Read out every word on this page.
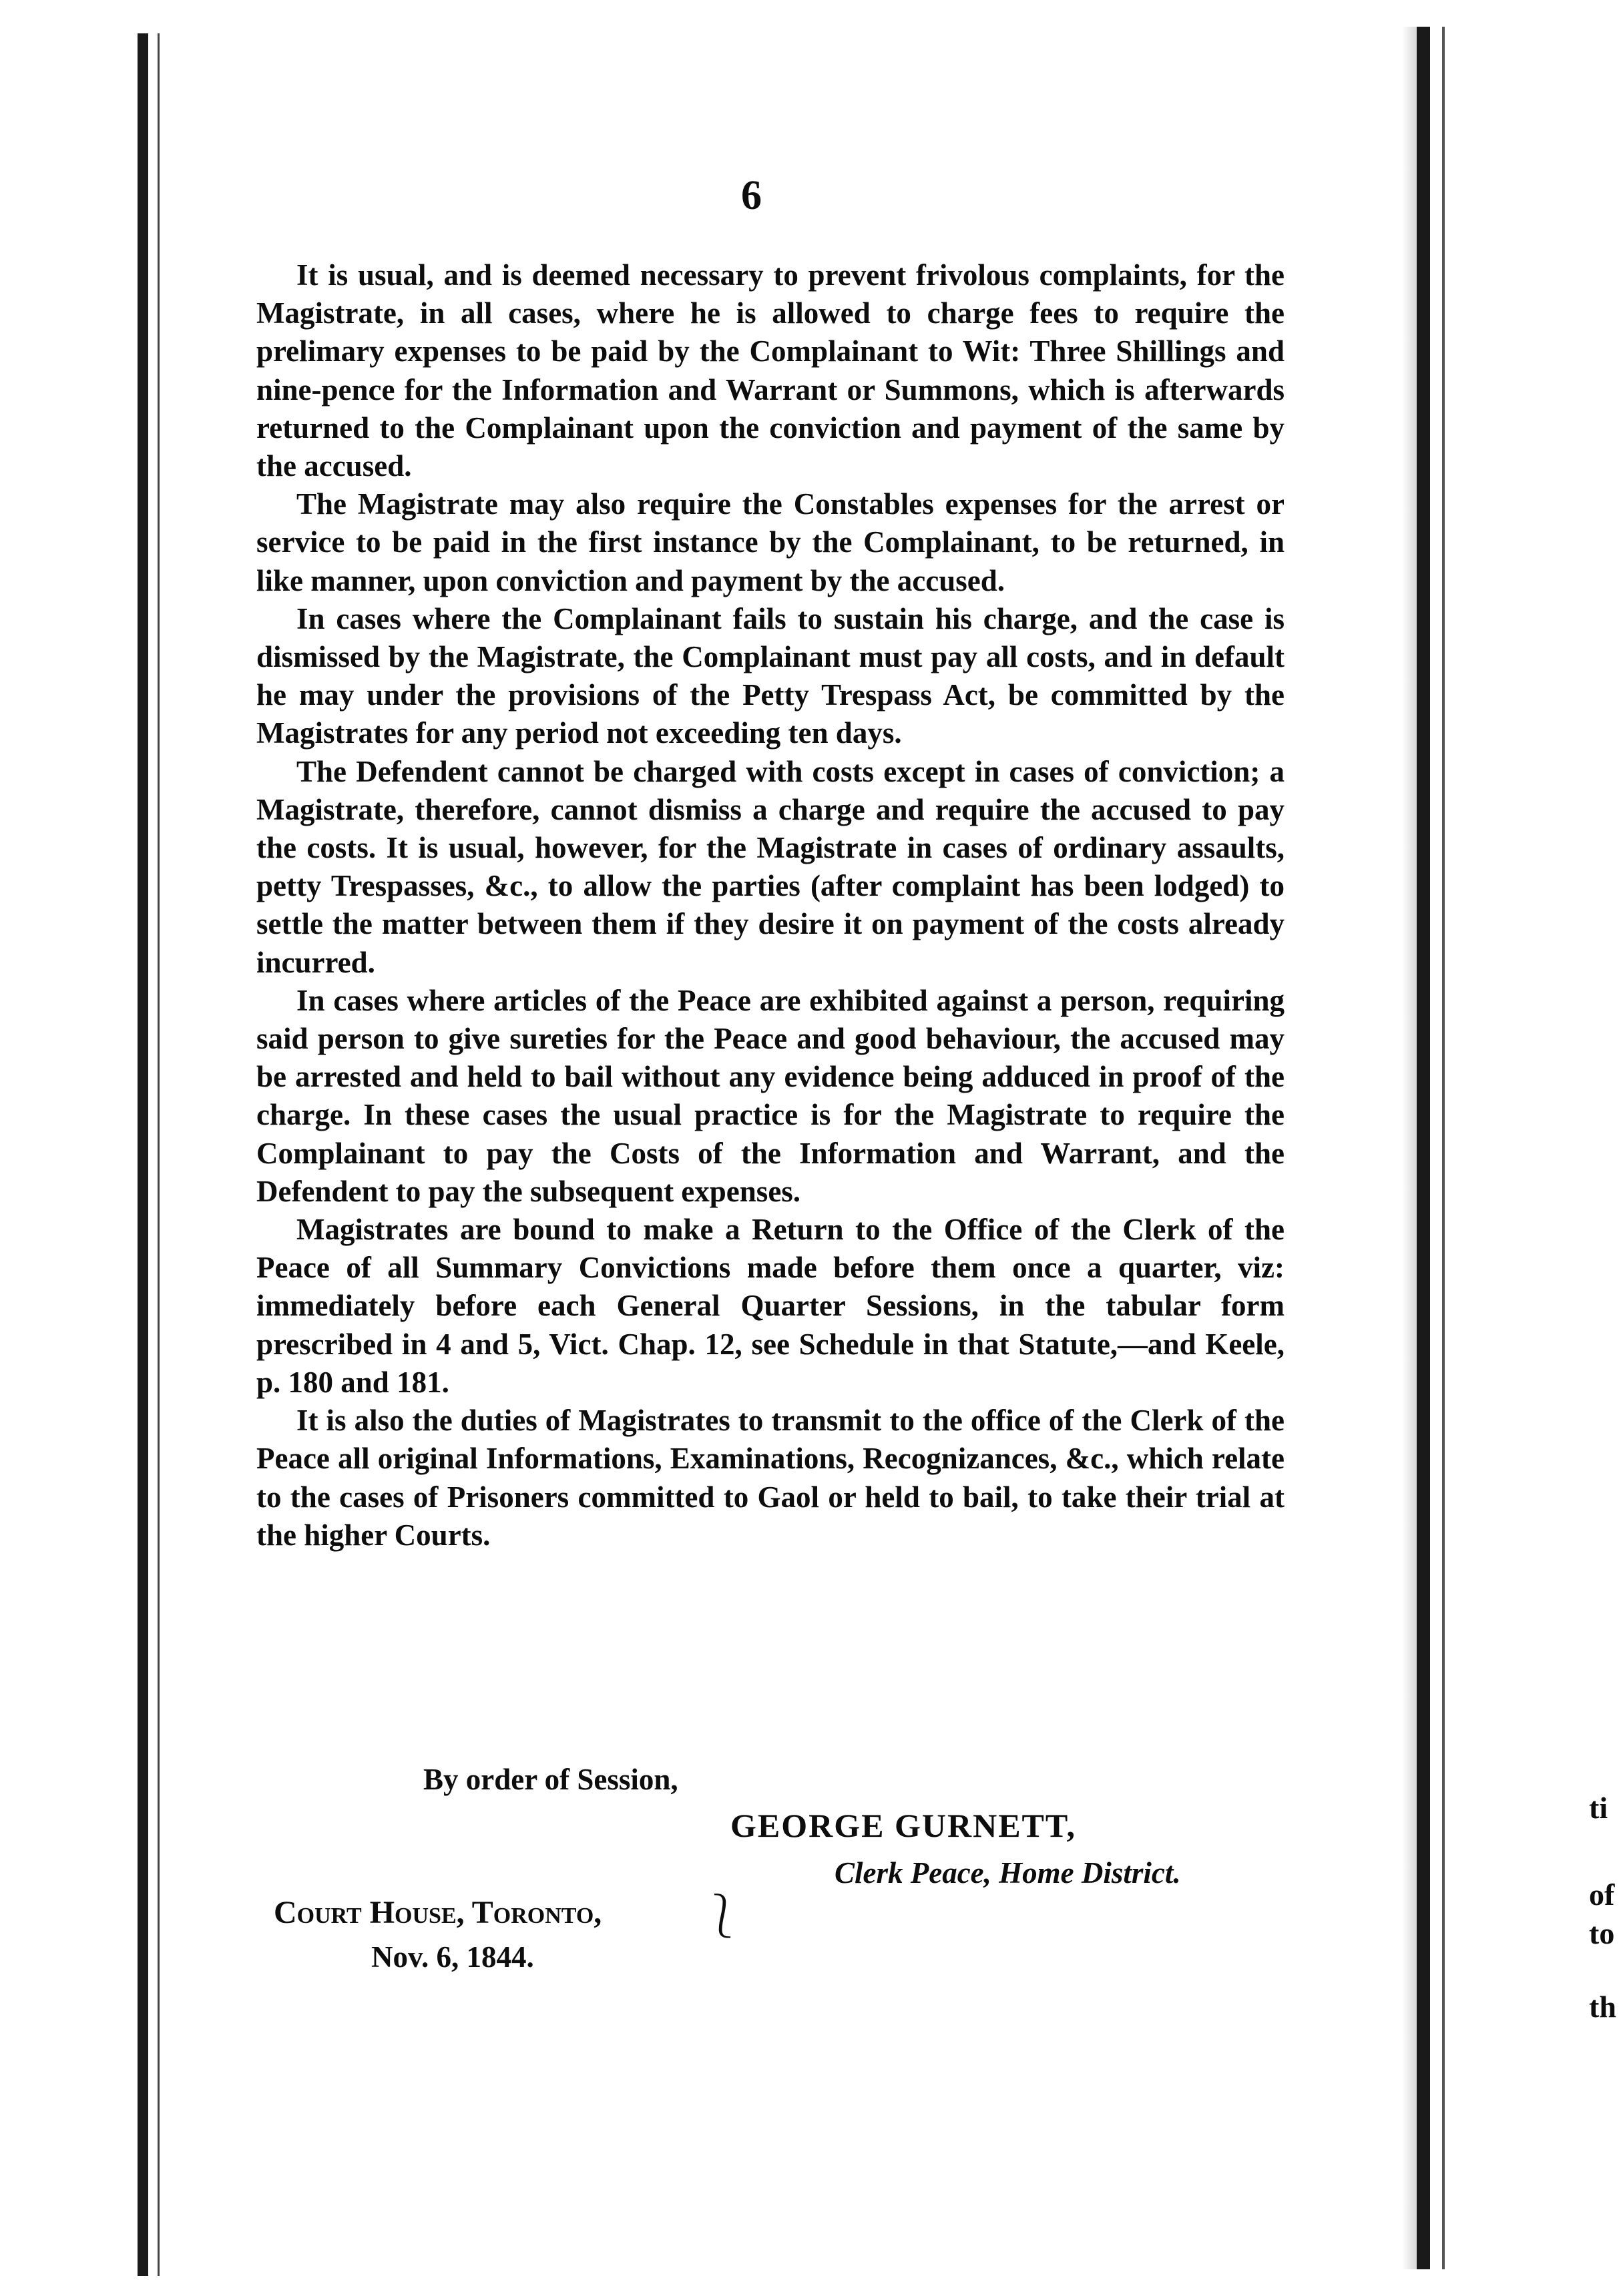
ti
of
to
th
6

It is usual, and is deemed necessary to prevent frivolous complaints, for the Magistrate, in all cases, where he is allowed to charge fees to require the prelimary expenses to be paid by the Complainant to Wit: Three Shillings and nine-pence for the Information and Warrant or Summons, which is afterwards returned to the Complainant upon the conviction and payment of the same by the accused.

The Magistrate may also require the Constables expenses for the arrest or service to be paid in the first instance by the Complainant, to be returned, in like manner, upon conviction and payment by the accused.

In cases where the Complainant fails to sustain his charge, and the case is dismissed by the Magistrate, the Complainant must pay all costs, and in default he may under the provisions of the Petty Trespass Act, be committed by the Magistrates for any period not exceeding ten days.

The Defendent cannot be charged with costs except in cases of conviction; a Magistrate, therefore, cannot dismiss a charge and require the accused to pay the costs. It is usual, however, for the Magistrate in cases of ordinary assaults, petty Trespasses, &c., to allow the parties (after complaint has been lodged) to settle the matter between them if they desire it on payment of the costs already incurred.

In cases where articles of the Peace are exhibited against a person, requiring said person to give sureties for the Peace and good behaviour, the accused may be arrested and held to bail without any evidence being adduced in proof of the charge. In these cases the usual practice is for the Magistrate to require the Complainant to pay the Costs of the Information and Warrant, and the Defendent to pay the subsequent expenses.

Magistrates are bound to make a Return to the Office of the Clerk of the Peace of all Summary Convictions made before them once a quarter, viz: immediately before each General Quarter Sessions, in the tabular form prescribed in 4 and 5, Vict. Chap. 12, see Schedule in that Statute,—and Keele, p. 180 and 181.

It is also the duties of Magistrates to transmit to the office of the Clerk of the Peace all original Informations, Examinations, Recognizances, &c., which relate to the cases of Prisoners committed to Gaol or held to bail, to take their trial at the higher Courts.

By order of Session,
GEORGE GURNETT,
Clerk Peace, Home District.
Court House, Toronto,
Nov. 6, 1844.
⎱
